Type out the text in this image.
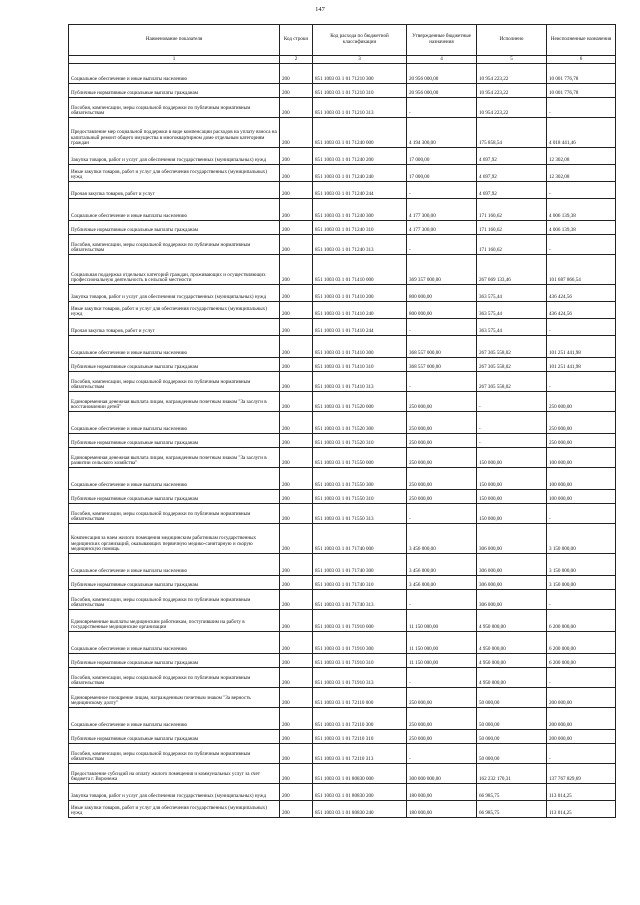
147
Наименование показателя	Код строки	Код расхода по бюджетной классификации	Утвержденные бюджетные назначения	Исполнено	Неисполненные назначения
1	2	3	4	5	6
Социальное обеспечение и иные выплаты населению	200	851 1003 03 1 01 71210 300	20 956 000,00	10 954 223,22	10 001 776,78
Публичные нормативные социальные выплаты гражданам	200	851 1003 03 1 01 71210 310	20 956 000,00	10 954 223,22	10 001 776,78
Пособия, компенсации, меры социальной поддержки по публичным нормативным обязательствам	200	851 1003 03 1 01 71210 313	-	10 954 223,22	-
Предоставление мер социальной поддержки в виде компенсации расходов на уплату взноса на капитальный ремонт общего имущества в многоквартирном доме отдельным категориям граждан	200	851 1003 03 1 01 71240 000	4 194 300,00	175 858,54	4 018 441,46
Закупка товаров, работ и услуг для обеспечения государственных (муниципальных) нужд	200	851 1003 03 1 01 71240 200	17 000,00	4 697,92	12 302,08
Иные закупки товаров, работ и услуг для обеспечения государственных (муниципальных) нужд	200	851 1003 03 1 01 71240 240	17 000,00	4 697,92	12 302,08
Прочая закупка товаров, работ и услуг	200	851 1003 03 1 01 71240 244	-	4 697,92	-
Социальное обеспечение и иные выплаты населению	200	851 1003 03 1 01 71240 300	4 177 300,00	171 160,62	4 006 139,38
Публичные нормативные социальные выплаты гражданам	200	851 1003 03 1 01 71240 310	4 177 300,00	171 160,62	4 006 139,38
Пособия, компенсации, меры социальной поддержки по публичным нормативным обязательствам	200	851 1003 03 1 01 71240 313	-	171 160,62	-
Социальная поддержка отдельных категорий граждан, проживающих и осуществляющих профессиональную деятельность в сельской местности	200	851 1003 03 1 01 71410 000	369 357 000,00	267 669 133,46	101 687 866,54
Закупка товаров, работ и услуг для обеспечения государственных (муниципальных) нужд	200	851 1003 03 1 01 71410 200	800 000,00	363 575,44	436 424,56
Иные закупки товаров, работ и услуг для обеспечения государственных (муниципальных) нужд	200	851 1003 03 1 01 71410 240	800 000,00	363 575,44	436 424,56
Прочая закупка товаров, работ и услуг	200	851 1003 03 1 01 71410 244	-	363 575,44	-
Социальное обеспечение и иные выплаты населению	200	851 1003 03 1 01 71410 300	368 557 000,00	267 305 558,02	101 251 441,98
Публичные нормативные социальные выплаты гражданам	200	851 1003 03 1 01 71410 310	368 557 000,00	267 305 558,02	101 251 441,98
Пособия, компенсации, меры социальной поддержки по публичным нормативным обязательствам	200	851 1003 03 1 01 71410 313	-	267 305 558,02	-
Единовременная денежная выплата лицам, награжденным почетным знаком "За заслуги в восстановлении детей"	200	851 1003 03 1 01 71520 000	250 000,00	-	250 000,00
Социальное обеспечение и иные выплаты населению	200	851 1003 03 1 01 71520 300	250 000,00	-	250 000,00
Публичные нормативные социальные выплаты гражданам	200	851 1003 03 1 01 71520 310	250 000,00	-	250 000,00
Единовременная денежная выплата лицам, награжденным почетным знаком "За заслуги в развитии сельского хозяйства"	200	851 1003 03 1 01 71550 000	250 000,00	150 000,00	100 000,00
Социальное обеспечение и иные выплаты населению	200	851 1003 03 1 01 71550 300	250 000,00	150 000,00	100 000,00
Публичные нормативные социальные выплаты гражданам	200	851 1003 03 1 01 71550 310	250 000,00	150 000,00	100 000,00
Пособия, компенсации, меры социальной поддержки по публичным нормативным обязательствам	200	851 1003 03 1 01 71550 313	-	150 000,00	-
Компенсация за наем жилого помещения медицинским работникам государственных медицинских организаций, оказывающих первичную медико-санитарную и скорую медицинскую помощь	200	851 1003 03 1 01 71740 000	3 456 000,00	306 000,00	3 150 000,00
Социальное обеспечение и иные выплаты населению	200	851 1003 03 1 01 71740 300	3 456 000,00	306 000,00	3 150 000,00
Публичные нормативные социальные выплаты гражданам	200	851 1003 03 1 01 71740 310	3 456 000,00	306 000,00	3 150 000,00
Пособия, компенсации, меры социальной поддержки по публичным нормативным обязательствам	200	851 1003 03 1 01 71740 313	-	306 000,00	-
Единовременные выплаты медицинским работникам, поступившим на работу в государственные медицинские организации	200	851 1003 03 1 01 71910 000	11 150 000,00	4 950 000,00	6 200 000,00
Социальное обеспечение и иные выплаты населению	200	851 1003 03 1 01 71910 300	11 150 000,00	4 950 000,00	6 200 000,00
Публичные нормативные социальные выплаты гражданам	200	851 1003 03 1 01 71910 310	11 150 000,00	4 950 000,00	6 200 000,00
Пособия, компенсации, меры социальной поддержки по публичным нормативным обязательствам	200	851 1003 03 1 01 71910 313	-	4 950 000,00	-
Единовременное поощрение лицам, награжденным почетным знаком "За верность медицинскому долгу"	200	851 1003 03 1 01 72110 000	250 000,00	50 000,00	200 000,00
Социальное обеспечение и иные выплаты населению	200	851 1003 03 1 01 72110 300	250 000,00	50 000,00	200 000,00
Публичные нормативные социальные выплаты гражданам	200	851 1003 03 1 01 72110 310	250 000,00	50 000,00	200 000,00
Пособия, компенсации, меры социальной поддержки по публичным нормативным обязательствам	200	851 1003 03 1 01 72110 313	-	50 000,00	-
Предоставление субсидий на оплату жилого помещения и коммунальных услуг за счет бюджета г. Воронежа	200	851 1003 03 1 01 80830 000	300 000 000,00	162 232 170,31	137 767 829,69
Закупка товаров, работ и услуг для обеспечения государственных (муниципальных) нужд	200	851 1003 03 1 01 80830 200	180 000,00	66 985,75	113 014,25
Иные закупки товаров, работ и услуг для обеспечения государственных (муниципальных) нужд	200	851 1003 03 1 01 80830 240	180 000,00	66 985,75	113 014,25
